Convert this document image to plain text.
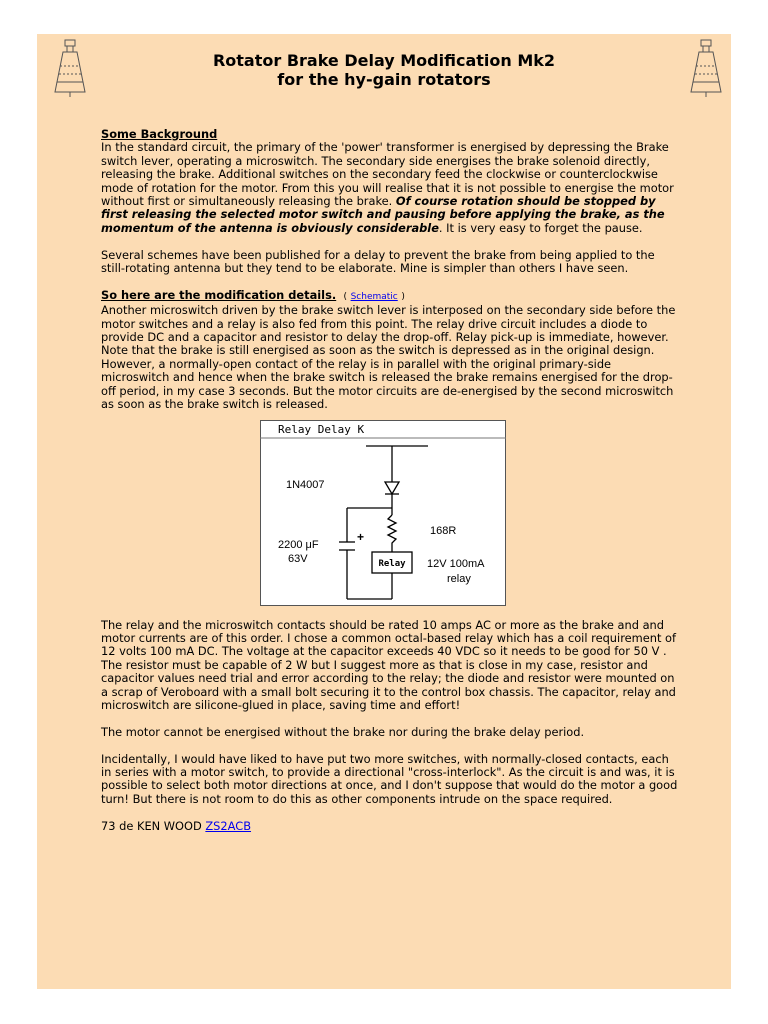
Rotator Brake Delay Modification Mk2
for the hy-gain rotators

Some Background
In the standard circuit, the primary of the 'power' transformer is energised by depressing the Brake switch lever, operating a microswitch. The secondary side energises the brake solenoid directly, releasing the brake. Additional switches on the secondary feed the clockwise or counterclockwise mode of rotation for the motor. From this you will realise that it is not possible to energise the motor without first or simultaneously releasing the brake. Of course rotation should be stopped by first releasing the selected motor switch and pausing before applying the brake, as the momentum of the antenna is obviously considerable. It is very easy to forget the pause.

Several schemes have been published for a delay to prevent the brake from being applied to the still-rotating antenna but they tend to be elaborate. Mine is simpler than others I have seen.

So here are the modification details. ( Schematic )
Another microswitch driven by the brake switch lever is interposed on the secondary side before the motor switches and a relay is also fed from this point. The relay drive circuit includes a diode to provide DC and a capacitor and resistor to delay the drop-off. Relay pick-up is immediate, however. Note that the brake is still energised as soon as the switch is depressed as in the original design. However, a normally-open contact of the relay is in parallel with the original primary-side microswitch and hence when the brake switch is released the brake remains energised for the drop-off period, in my case 3 seconds. But the motor circuits are de-energised by the second microswitch as soon as the brake switch is released.

Relay Delay K
Relay
1N4007
2200 μF
63V
+	168R
12V 100mA
relay

The relay and the microswitch contacts should be rated 10 amps AC or more as the brake and and motor currents are of this order. I chose a common octal-based relay which has a coil requirement of 12 volts 100 mA DC. The voltage at the capacitor exceeds 40 VDC so it needs to be good for 50 V . The resistor must be capable of 2 W but I suggest more as that is close in my case, resistor and capacitor values need trial and error according to the relay; the diode and resistor were mounted on a scrap of Veroboard with a small bolt securing it to the control box chassis. The capacitor, relay and microswitch are silicone-glued in place, saving time and effort!

The motor cannot be energised without the brake nor during the brake delay period.

Incidentally, I would have liked to have put two more switches, with normally-closed contacts, each in series with a motor switch, to provide a directional "cross-interlock". As the circuit is and was, it is possible to select both motor directions at once, and I don't suppose that would do the motor a good turn! But there is not room to do this as other components intrude on the space required.

73 de KEN WOOD ZS2ACB
